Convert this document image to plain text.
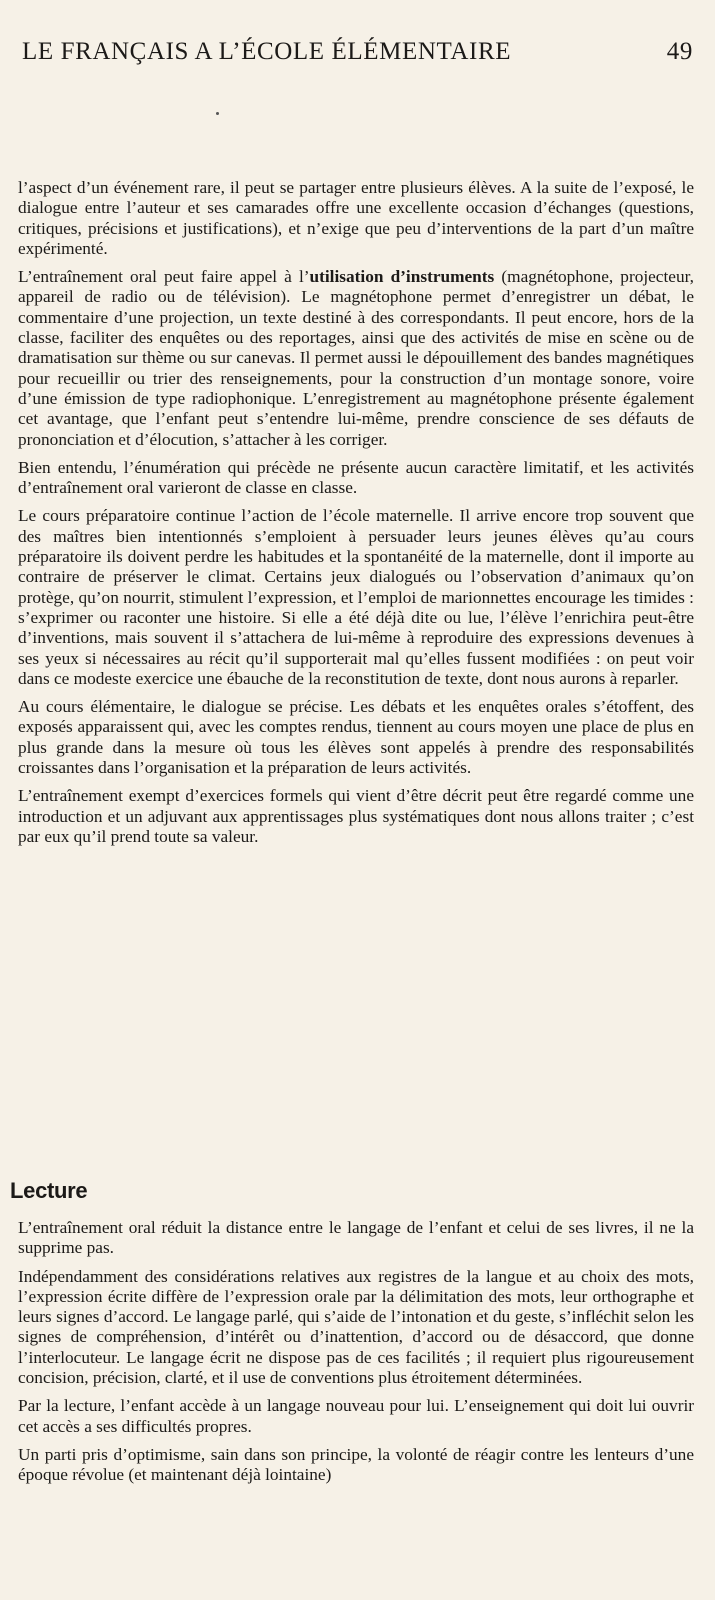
LE FRANÇAIS A L’ÉCOLE ÉLÉMENTAIRE	49

l’aspect d’un événement rare, il peut se partager entre plusieurs élèves. A la suite de l’exposé, le dialogue entre l’auteur et ses camarades offre une excellente occasion d’échanges (questions, critiques, précisions et justifications), et n’exige que peu d’interventions de la part d’un maître expérimenté.

L’entraînement oral peut faire appel à l’utilisation d’instruments (magnétophone, projecteur, appareil de radio ou de télévision). Le magnétophone permet d’enregistrer un débat, le commentaire d’une projection, un texte destiné à des correspondants. Il peut encore, hors de la classe, faciliter des enquêtes ou des reportages, ainsi que des activités de mise en scène ou de dramatisation sur thème ou sur canevas. Il permet aussi le dépouillement des bandes magnétiques pour recueillir ou trier des renseignements, pour la construction d’un montage sonore, voire d’une émission de type radiophonique. L’enregistrement au magnétophone présente également cet avantage, que l’enfant peut s’entendre lui-même, prendre conscience de ses défauts de prononciation et d’élocution, s’attacher à les corriger.

Bien entendu, l’énumération qui précède ne présente aucun caractère limitatif, et les activités d’entraînement oral varieront de classe en classe.

Le cours préparatoire continue l’action de l’école maternelle. Il arrive encore trop souvent que des maîtres bien intentionnés s’emploient à persuader leurs jeunes élèves qu’au cours préparatoire ils doivent perdre les habitudes et la spontanéité de la maternelle, dont il importe au contraire de préserver le climat. Certains jeux dialogués ou l’observation d’animaux qu’on protège, qu’on nourrit, stimulent l’expression, et l’emploi de marionnettes encourage les timides : s’exprimer ou raconter une histoire. Si elle a été déjà dite ou lue, l’élève l’enrichira peut-être d’inventions, mais souvent il s’attachera de lui-même à reproduire des expressions devenues à ses yeux si nécessaires au récit qu’il supporterait mal qu’elles fussent modifiées : on peut voir dans ce modeste exercice une ébauche de la reconstitution de texte, dont nous aurons à reparler.

Au cours élémentaire, le dialogue se précise. Les débats et les enquêtes orales s’étoffent, des exposés apparaissent qui, avec les comptes rendus, tiennent au cours moyen une place de plus en plus grande dans la mesure où tous les élèves sont appelés à prendre des responsabilités croissantes dans l’organisation et la préparation de leurs activités.

L’entraînement exempt d’exercices formels qui vient d’être décrit peut être regardé comme une introduction et un adjuvant aux apprentissages plus systématiques dont nous allons traiter ; c’est par eux qu’il prend toute sa valeur.

Lecture

L’entraînement oral réduit la distance entre le langage de l’enfant et celui de ses livres, il ne la supprime pas.

Indépendamment des considérations relatives aux registres de la langue et au choix des mots, l’expression écrite diffère de l’expression orale par la délimitation des mots, leur orthographe et leurs signes d’accord. Le langage parlé, qui s’aide de l’intonation et du geste, s’infléchit selon les signes de compréhension, d’intérêt ou d’inattention, d’accord ou de désaccord, que donne l’interlocuteur. Le langage écrit ne dispose pas de ces facilités ; il requiert plus rigoureusement concision, précision, clarté, et il use de conventions plus étroitement déterminées.

Par la lecture, l’enfant accède à un langage nouveau pour lui. L’enseignement qui doit lui ouvrir cet accès a ses difficultés propres.

Un parti pris d’optimisme, sain dans son principe, la volonté de réagir contre les lenteurs d’une époque révolue (et maintenant déjà lointaine)
